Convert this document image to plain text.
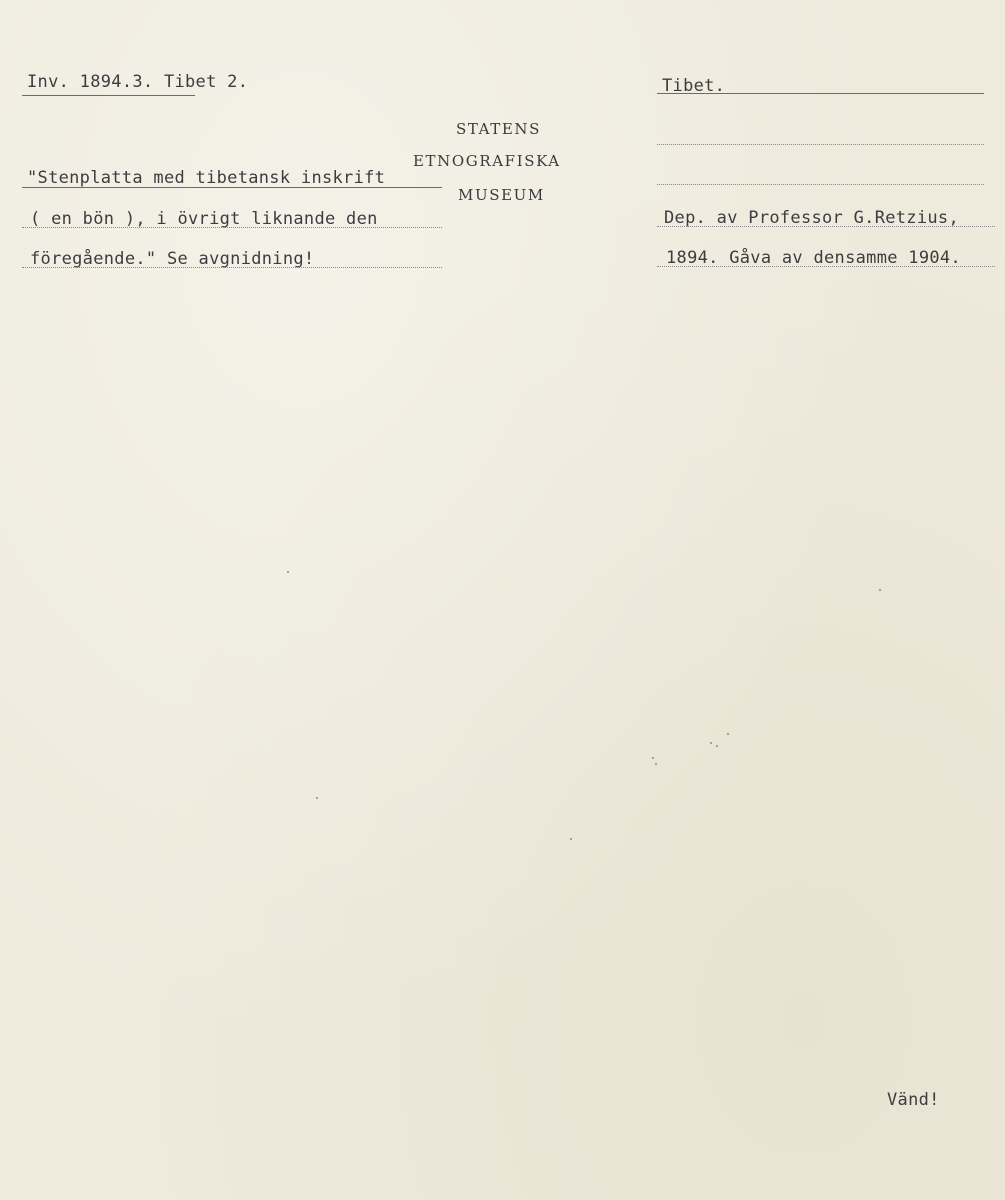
Inv. 1894.3. Tibet 2.	Tibet.
STATENS
ETNOGRAFISKA
MUSEUM
"Stenplatta med tibetansk inskrift
( en bön ), i övrigt liknande den
föregående." Se avgnidning!
Dep. av Professor G.Retzius,
1894. Gåva av densamme 1904.
Vänd!
